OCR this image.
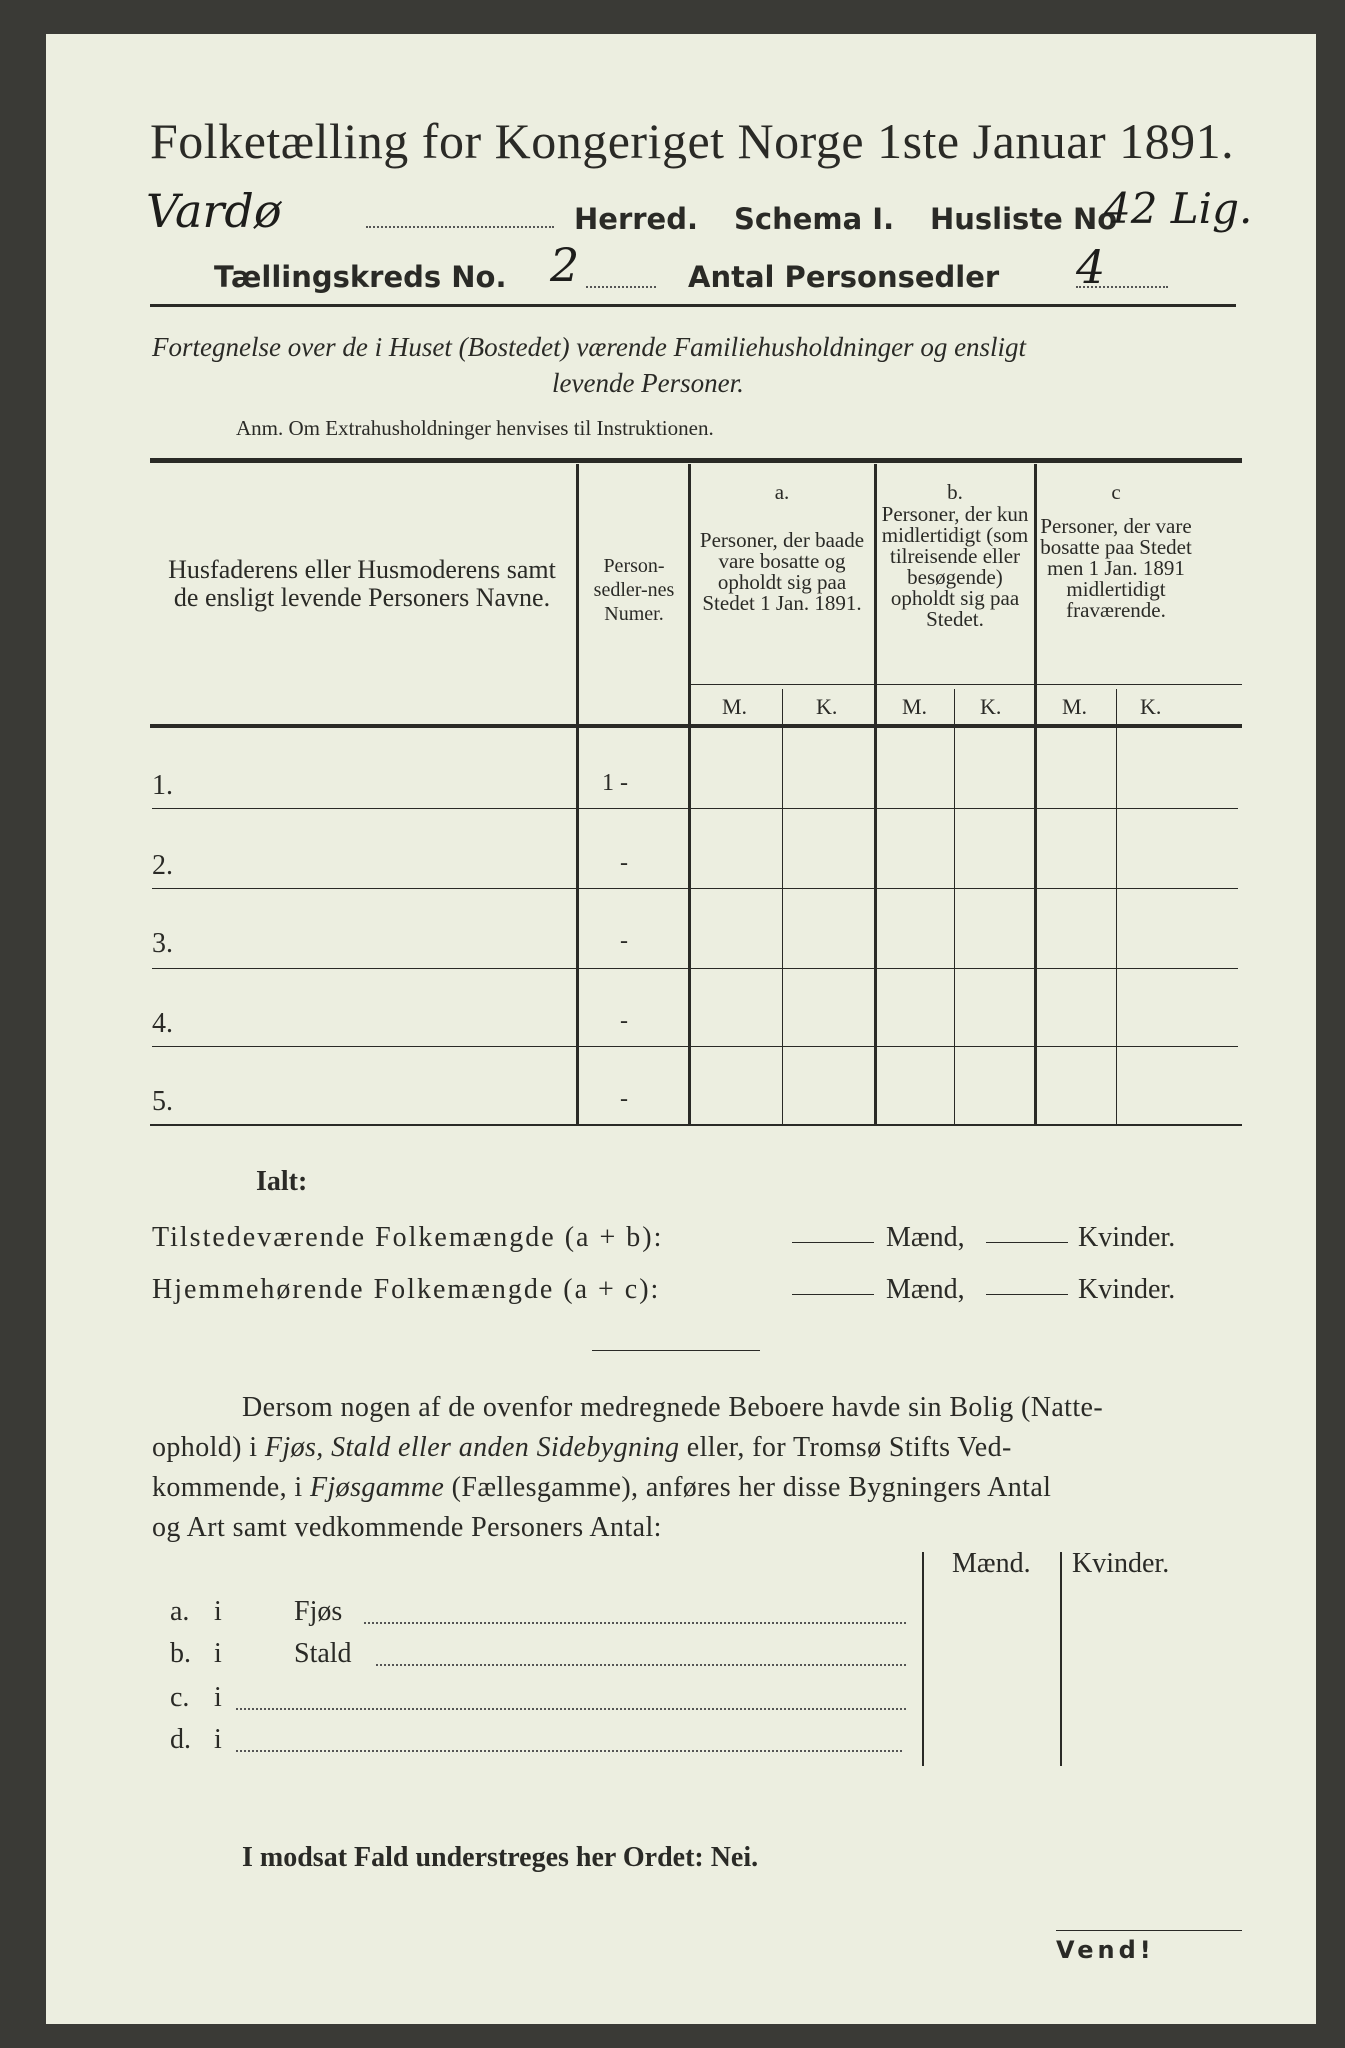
Folketælling for Kongeriget Norge 1ste Januar 1891.
Vardø	Herred. Schema I. Husliste No
42 Lig.
Tællingskreds No. 2	Antal Personsedler 4
Fortegnelse over de i Huset (Bostedet) værende Familiehusholdninger og ensligt
levende Personer.
Anm. Om Extrahusholdninger henvises til Instruktionen.
Husfaderens eller Husmoderens samt de ensligt levende Personers Navne.
Person-sedler-nes Numer.
a.
Personer, der baade vare bosatte og opholdt sig paa Stedet 1 Jan. 1891.
b.
Personer, der kun midlertidigt (som tilreisende eller besøgende) opholdt sig paa Stedet.
c
Personer, der vare bosatte paa Stedet men 1 Jan. 1891 midlertidigt fraværende.
M.	K.	M. K.	M. K.
1.	1 -
2.	-
3.	-
4.	-
5.	-
Ialt:
Tilstedeværende Folkemængde (a + b):	Mænd,	Kvinder.
Hjemmehørende Folkemængde (a + c):	Mænd,	Kvinder.
Dersom nogen af de ovenfor medregnede Beboere havde sin Bolig (Natte-
ophold) i Fjøs, Stald eller anden Sidebygning eller, for Tromsø Stifts Ved-
kommende, i Fjøsgamme (Fællesgamme), anføres her disse Bygningers Antal
og Art samt vedkommende Personers Antal:
Mænd. Kvinder.
a. i	Fjøs
b. i	Stald
c. i
d. i
I modsat Fald understreges her Ordet: Nei.
Vend!
